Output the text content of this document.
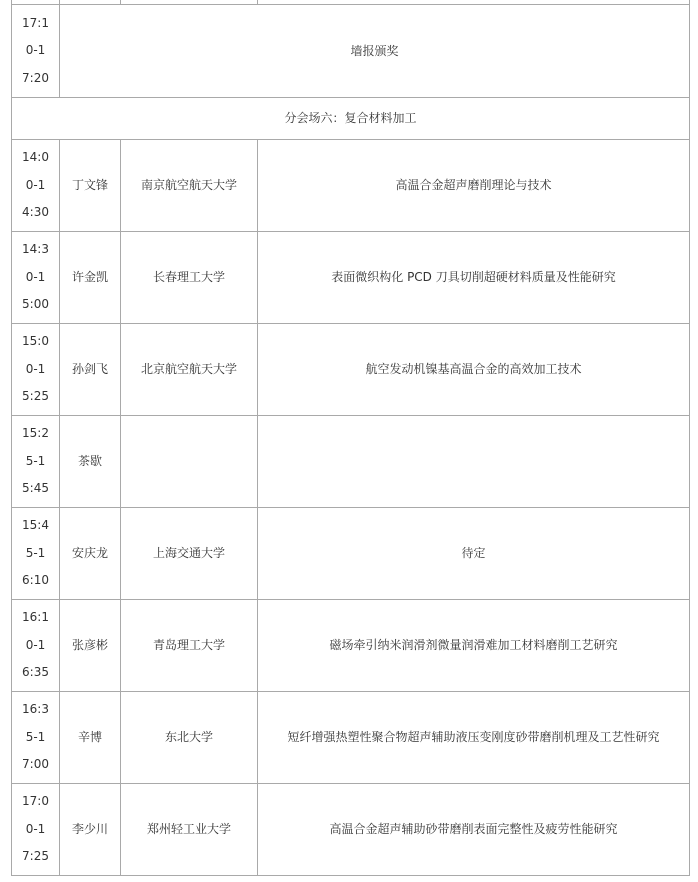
17:1
0-1
7:20	墙报颁奖		
分会场六：复合材料加工			

14:0
0-1
4:30	丁文锋	南京航空航天大学	高温合金超声磨削理论与技术

14:3
0-1
5:00	许金凯	长春理工大学	表面微织构化 PCD 刀具切削超硬材料质量及性能研究

15:0
0-1
5:25	孙剑飞	北京航空航天大学	航空发动机镍基高温合金的高效加工技术

15:2
5-1
5:45	茶歇		

15:4
5-1
6:10	安庆龙	上海交通大学	待定

16:1
0-1
6:35	张彦彬	青岛理工大学	磁场牵引纳米润滑剂微量润滑难加工材料磨削工艺研究

16:3
5-1
7:00	辛博	东北大学	短纤增强热塑性聚合物超声辅助液压变刚度砂带磨削机理及工艺性研究

17:0
0-1
7:25	李少川	郑州轻工业大学	高温合金超声辅助砂带磨削表面完整性及疲劳性能研究
